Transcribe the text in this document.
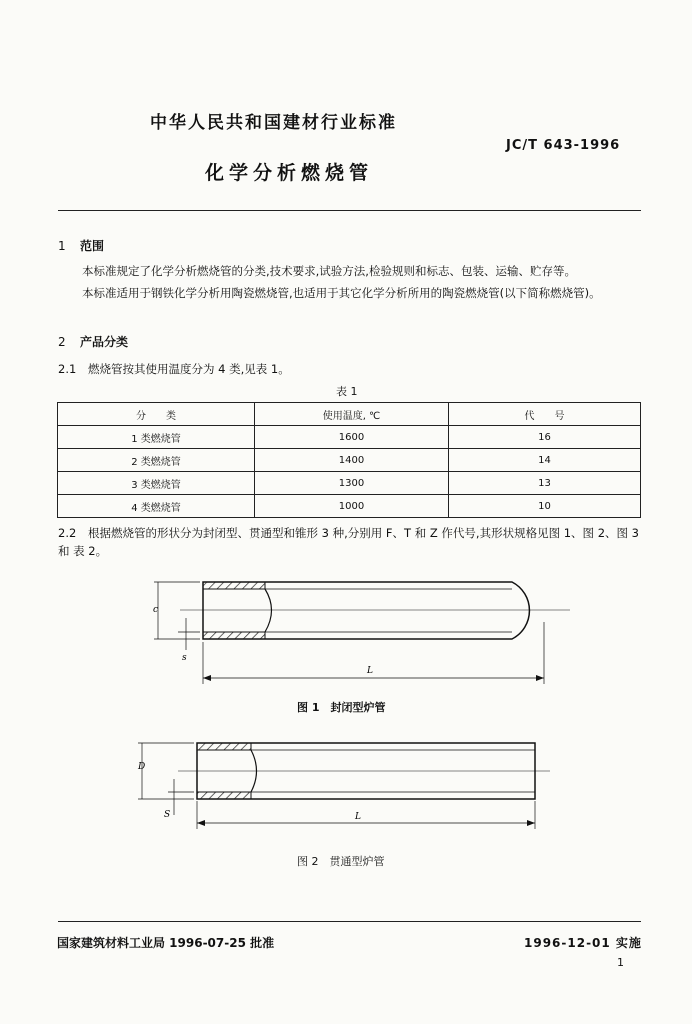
中华人民共和国建材行业标准
JC/T 643-1996
化学分析燃烧管
1 范围
本标准规定了化学分析燃烧管的分类,技术要求,试验方法,检验规则和标志、包装、运输、贮存等。
本标准适用于钢铁化学分析用陶瓷燃烧管,也适用于其它化学分析所用的陶瓷燃烧管(以下简称燃烧管)。
2 产品分类
2.1 燃烧管按其使用温度分为 4 类,见表 1。
表 1
分　　类	使用温度, ℃	代　　号
1 类燃烧管	1600	16
2 类燃烧管	1400	14
3 类燃烧管	1300	13
4 类燃烧管	1000	10
2.2 根据燃烧管的形状分为封闭型、贯通型和锥形 3 种,分别用 F、T 和 Z 作代号,其形状规格见图 1、图 2、图 3 和 表 2。
c
s
L
图 1　封闭型炉管
D
S	L
图 2　贯通型炉管
国家建筑材料工业局 1996-07-25 批准	1996-12-01 实施
1
